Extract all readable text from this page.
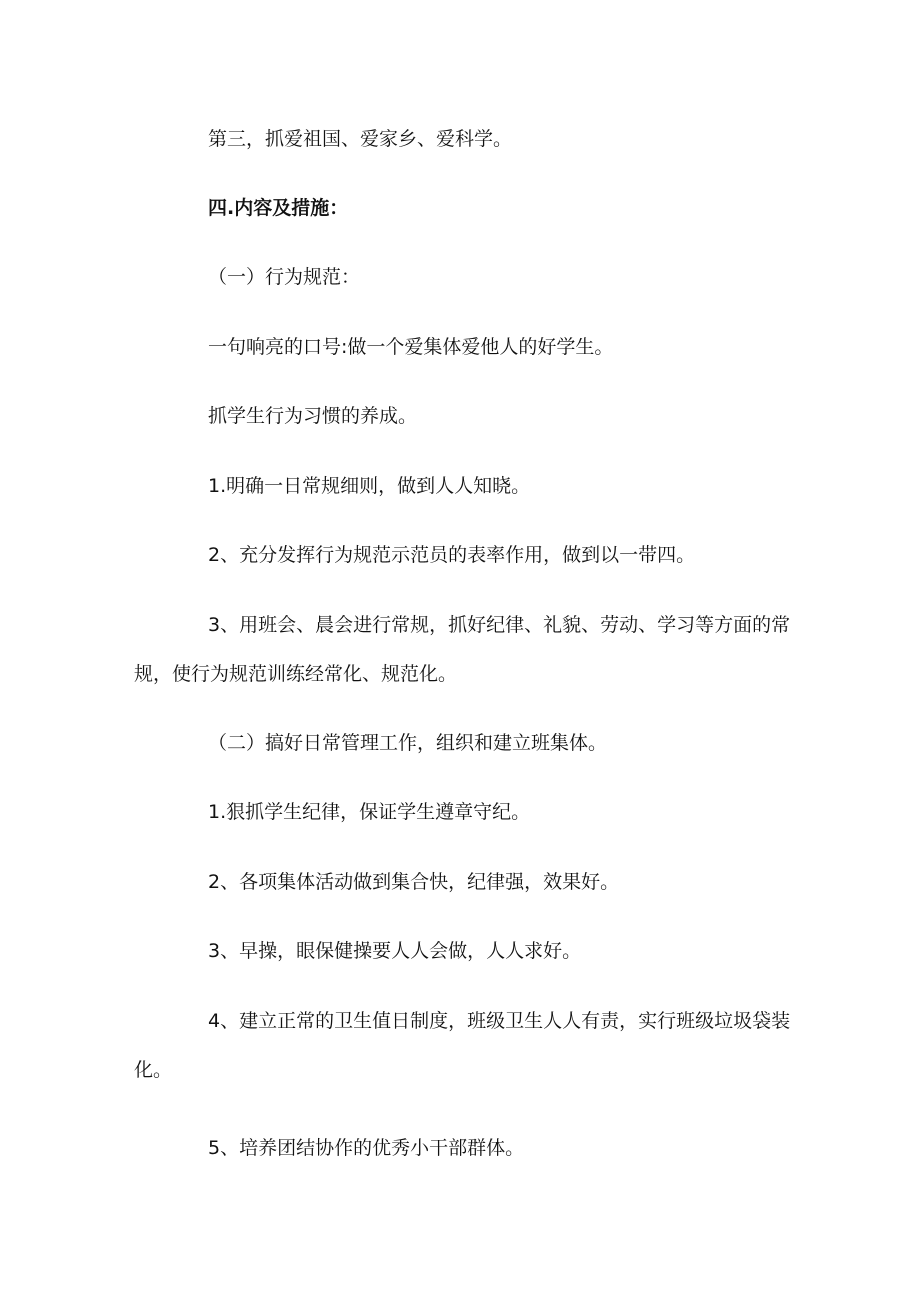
第三，抓爱祖国、爱家乡、爱科学。
四.内容及措施：
（一）行为规范：
一句响亮的口号:做一个爱集体爱他人的好学生。
抓学生行为习惯的养成。
1.明确一日常规细则，做到人人知晓。
2、充分发挥行为规范示范员的表率作用，做到以一带四。
3、用班会、晨会进行常规，抓好纪律、礼貌、劳动、学习等方面的常
规，使行为规范训练经常化、规范化。
（二）搞好日常管理工作，组织和建立班集体。
1.狠抓学生纪律，保证学生遵章守纪。
2、各项集体活动做到集合快，纪律强，效果好。
3、早操，眼保健操要人人会做，人人求好。
4、建立正常的卫生值日制度，班级卫生人人有责，实行班级垃圾袋装
化。
5、培养团结协作的优秀小干部群体。
